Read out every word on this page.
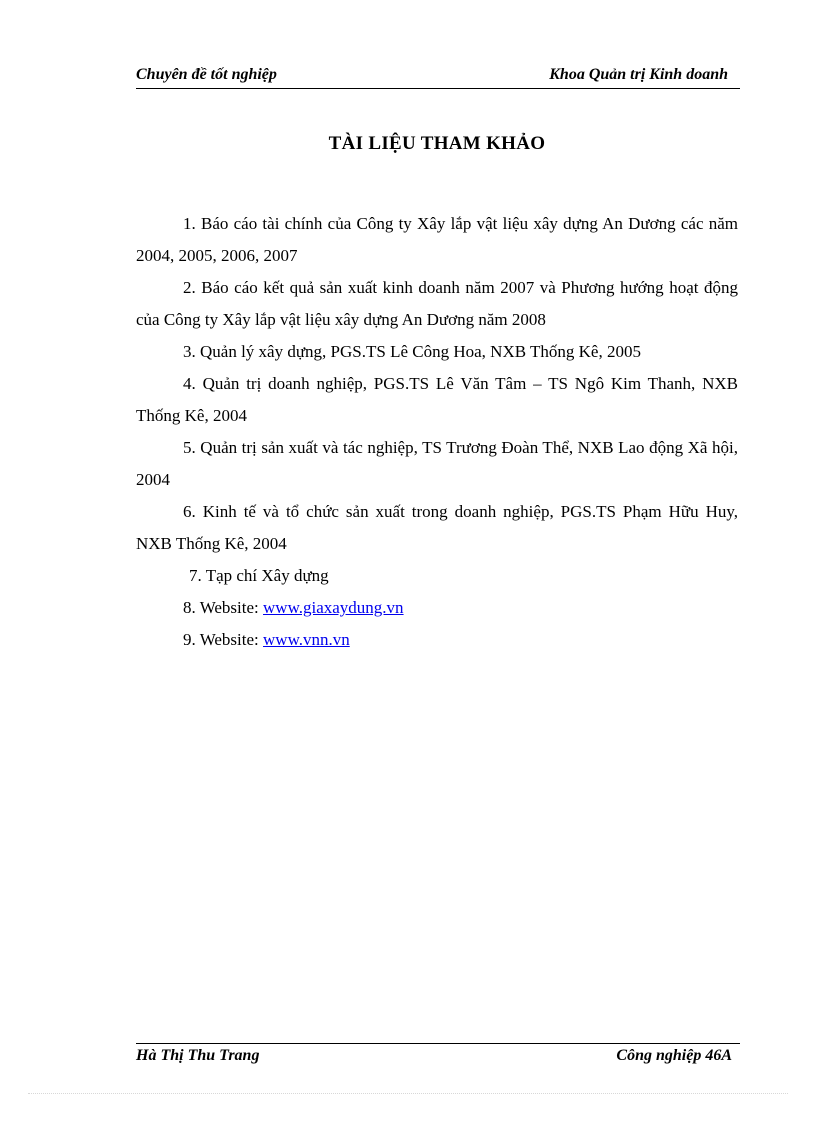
Chuyên đề tốt nghiệp	Khoa Quản trị Kinh doanh
TÀI LIỆU THAM KHẢO

1. Báo cáo tài chính của Công ty Xây lắp vật liệu xây dựng An Dương các năm 2004, 2005, 2006, 2007

2. Báo cáo kết quả sản xuất kinh doanh năm 2007 và Phương hướng hoạt động của Công ty Xây lắp vật liệu xây dựng An Dương năm 2008

3. Quản lý xây dựng, PGS.TS Lê Công Hoa, NXB Thống Kê, 2005

4. Quản trị doanh nghiệp, PGS.TS Lê Văn Tâm – TS Ngô Kim Thanh, NXB Thống Kê, 2004

5. Quản trị sản xuất và tác nghiệp, TS Trương Đoàn Thể, NXB Lao động Xã hội, 2004

6. Kinh tế và tổ chức sản xuất trong doanh nghiệp, PGS.TS Phạm Hữu Huy, NXB Thống Kê, 2004

7. Tạp chí Xây dựng

8. Website: www.giaxaydung.vn

9. Website: www.vnn.vn

Hà Thị Thu Trang	Công nghiệp 46A
